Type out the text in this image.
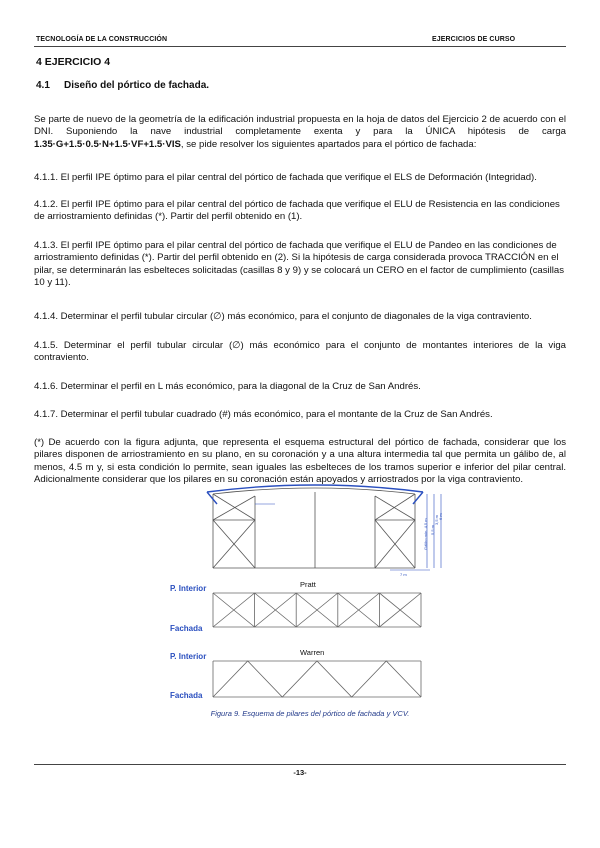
TECNOLOGÍA DE LA CONSTRUCCIÓN	EJERCICIOS DE CURSO
4 EJERCICIO 4
4.1 Diseño del pórtico de fachada.
Se parte de nuevo de la geometría de la edificación industrial propuesta en la hoja de datos del Ejercicio 2 de acuerdo con el DNI. Suponiendo la nave industrial completamente exenta y para la ÚNICA hipótesis de carga 1.35·G+1.5·0.5·N+1.5·VF+1.5·VIS, se pide resolver los siguientes apartados para el pórtico de fachada:
4.1.1. El perfil IPE óptimo para el pilar central del pórtico de fachada que verifique el ELS de Deformación (Integridad).
4.1.2. El perfil IPE óptimo para el pilar central del pórtico de fachada que verifique el ELU de Resistencia en las condiciones de arriostramiento definidas (*). Partir del perfil obtenido en (1).
4.1.3. El perfil IPE óptimo para el pilar central del pórtico de fachada que verifique el ELU de Pandeo en las condiciones de arriostramiento definidas (*). Partir del perfil obtenido en (2). Si la hipótesis de carga considerada provoca TRACCIÓN en el pilar, se determinarán las esbelteces solicitadas (casillas 8 y 9) y se colocará un CERO en el factor de cumplimiento (casillas 10 y 11).
4.1.4. Determinar el perfil tubular circular (∅) más económico, para el conjunto de diagonales de la viga contraviento.
4.1.5. Determinar el perfil tubular circular (∅) más económico para el conjunto de montantes interiores de la viga contraviento.
4.1.6. Determinar el perfil en L más económico, para la diagonal de la Cruz de San Andrés.
4.1.7. Determinar el perfil tubular cuadrado (#) más económico, para el montante de la Cruz de San Andrés.
(*) De acuerdo con la figura adjunta, que representa el esquema estructural del pórtico de fachada, considerar que los pilares disponen de arriostramiento en su plano, en su coronación y a una altura intermedia tal que permita un gálibo de, al menos, 4.5 m y, si esta condición lo permite, sean iguales las esbelteces de los tramos superior e inferior del pilar central. Adicionalmente considerar que los pilares en su coronación están apoyados y arriostrados por la viga contraviento.
Gálibo mín. 4,5 m 5,5 m
3,5 m 6 m
7 m
P. Interior	Pratt
Fachada
P. Interior	Warren
Fachada
Figura 9. Esquema de pilares del pórtico de fachada y VCV.
-13-
